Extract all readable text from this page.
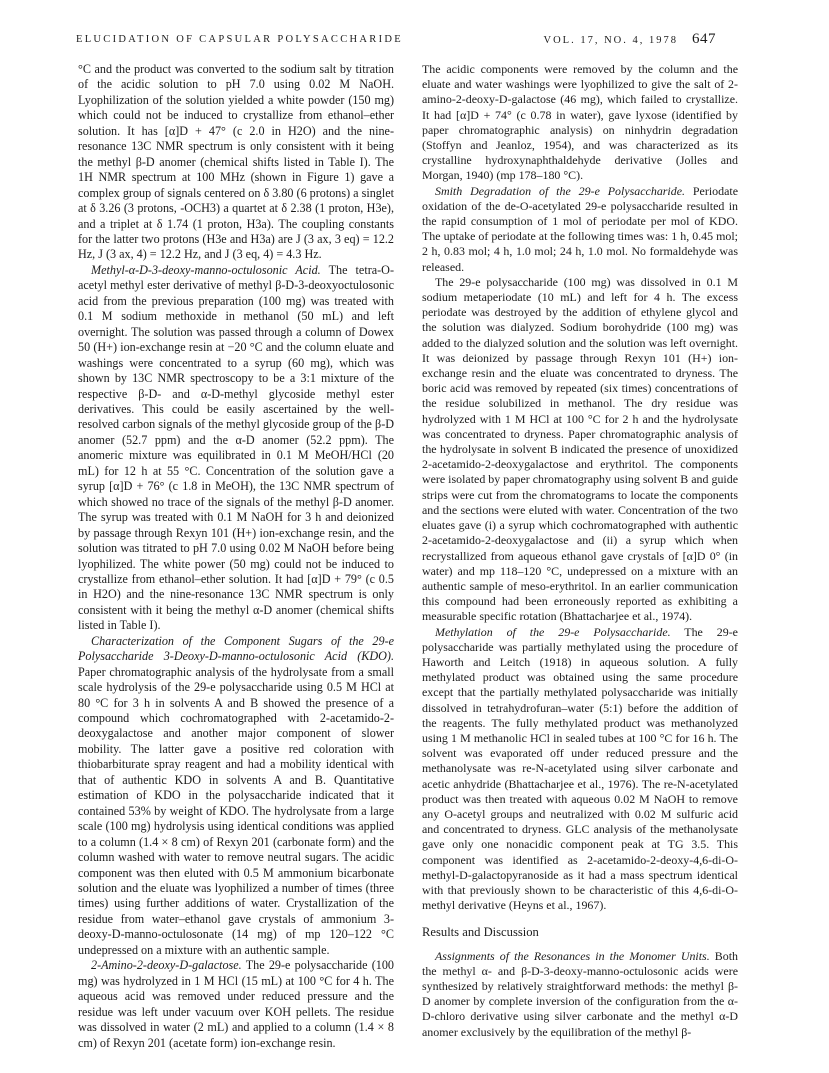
ELUCIDATION OF CAPSULAR POLYSACCHARIDE	VOL. 17, NO. 4, 1978 647

°C and the product was converted to the sodium salt by titration of the acidic solution to pH 7.0 using 0.02 M NaOH. Lyophilization of the solution yielded a white powder (150 mg) which could not be induced to crystallize from ethanol–ether solution. It has [α]D + 47° (c 2.0 in H2O) and the nine-resonance 13C NMR spectrum is only consistent with it being the methyl β-D anomer (chemical shifts listed in Table I). The 1H NMR spectrum at 100 MHz (shown in Figure 1) gave a complex group of signals centered on δ 3.80 (6 protons) a singlet at δ 3.26 (3 protons, -OCH3) a quartet at δ 2.38 (1 proton, H3e), and a triplet at δ 1.74 (1 proton, H3a). The coupling constants for the latter two protons (H3e and H3a) are J (3 ax, 3 eq) = 12.2 Hz, J (3 ax, 4) = 12.2 Hz, and J (3 eq, 4) = 4.3 Hz.

Methyl-α-D-3-deoxy-manno-octulosonic Acid. The tetra-O-acetyl methyl ester derivative of methyl β-D-3-deoxyoctulosonic acid from the previous preparation (100 mg) was treated with 0.1 M sodium methoxide in methanol (50 mL) and left overnight. The solution was passed through a column of Dowex 50 (H+) ion-exchange resin at −20 °C and the column eluate and washings were concentrated to a syrup (60 mg), which was shown by 13C NMR spectroscopy to be a 3:1 mixture of the respective β-D- and α-D-methyl glycoside methyl ester derivatives. This could be easily ascertained by the well-resolved carbon signals of the methyl glycoside group of the β-D anomer (52.7 ppm) and the α-D anomer (52.2 ppm). The anomeric mixture was equilibrated in 0.1 M MeOH/HCl (20 mL) for 12 h at 55 °C. Concentration of the solution gave a syrup [α]D + 76° (c 1.8 in MeOH), the 13C NMR spectrum of which showed no trace of the signals of the methyl β-D anomer. The syrup was treated with 0.1 M NaOH for 3 h and deionized by passage through Rexyn 101 (H+) ion-exchange resin, and the solution was titrated to pH 7.0 using 0.02 M NaOH before being lyophilized. The white power (50 mg) could not be induced to crystallize from ethanol–ether solution. It had [α]D + 79° (c 0.5 in H2O) and the nine-resonance 13C NMR spectrum is only consistent with it being the methyl α-D anomer (chemical shifts listed in Table I).

Characterization of the Component Sugars of the 29-e Polysaccharide 3-Deoxy-D-manno-octulosonic Acid (KDO). Paper chromatographic analysis of the hydrolysate from a small scale hydrolysis of the 29-e polysaccharide using 0.5 M HCl at 80 °C for 3 h in solvents A and B showed the presence of a compound which cochromatographed with 2-acetamido-2-deoxygalactose and another major component of slower mobility. The latter gave a positive red coloration with thiobarbiturate spray reagent and had a mobility identical with that of authentic KDO in solvents A and B. Quantitative estimation of KDO in the polysaccharide indicated that it contained 53% by weight of KDO. The hydrolysate from a large scale (100 mg) hydrolysis using identical conditions was applied to a column (1.4 × 8 cm) of Rexyn 201 (carbonate form) and the column washed with water to remove neutral sugars. The acidic component was then eluted with 0.5 M ammonium bicarbonate solution and the eluate was lyophilized a number of times (three times) using further additions of water. Crystallization of the residue from water–ethanol gave crystals of ammonium 3-deoxy-D-manno-octulosonate (14 mg) of mp 120–122 °C undepressed on a mixture with an authentic sample.

2-Amino-2-deoxy-D-galactose. The 29-e polysaccharide (100 mg) was hydrolyzed in 1 M HCl (15 mL) at 100 °C for 4 h. The aqueous acid was removed under reduced pressure and the residue was left under vacuum over KOH pellets. The residue was dissolved in water (2 mL) and applied to a column (1.4 × 8 cm) of Rexyn 201 (acetate form) ion-exchange resin.

The acidic components were removed by the column and the eluate and water washings were lyophilized to give the salt of 2-amino-2-deoxy-D-galactose (46 mg), which failed to crystallize. It had [α]D + 74° (c 0.78 in water), gave lyxose (identified by paper chromatographic analysis) on ninhydrin degradation (Stoffyn and Jeanloz, 1954), and was characterized as its crystalline hydroxynaphthaldehyde derivative (Jolles and Morgan, 1940) (mp 178–180 °C).

Smith Degradation of the 29-e Polysaccharide. Periodate oxidation of the de-O-acetylated 29-e polysaccharide resulted in the rapid consumption of 1 mol of periodate per mol of KDO. The uptake of periodate at the following times was: 1 h, 0.45 mol; 2 h, 0.83 mol; 4 h, 1.0 mol; 24 h, 1.0 mol. No formaldehyde was released.

The 29-e polysaccharide (100 mg) was dissolved in 0.1 M sodium metaperiodate (10 mL) and left for 4 h. The excess periodate was destroyed by the addition of ethylene glycol and the solution was dialyzed. Sodium borohydride (100 mg) was added to the dialyzed solution and the solution was left overnight. It was deionized by passage through Rexyn 101 (H+) ion-exchange resin and the eluate was concentrated to dryness. The boric acid was removed by repeated (six times) concentrations of the residue solubilized in methanol. The dry residue was hydrolyzed with 1 M HCl at 100 °C for 2 h and the hydrolysate was concentrated to dryness. Paper chromatographic analysis of the hydrolysate in solvent B indicated the presence of unoxidized 2-acetamido-2-deoxygalactose and erythritol. The components were isolated by paper chromatography using solvent B and guide strips were cut from the chromatograms to locate the components and the sections were eluted with water. Concentration of the two eluates gave (i) a syrup which cochromatographed with authentic 2-acetamido-2-deoxygalactose and (ii) a syrup which when recrystallized from aqueous ethanol gave crystals of [α]D 0° (in water) and mp 118–120 °C, undepressed on a mixture with an authentic sample of meso-erythritol. In an earlier communication this compound had been erroneously reported as exhibiting a measurable specific rotation (Bhattacharjee et al., 1974).

Methylation of the 29-e Polysaccharide. The 29-e polysaccharide was partially methylated using the procedure of Haworth and Leitch (1918) in aqueous solution. A fully methylated product was obtained using the same procedure except that the partially methylated polysaccharide was initially dissolved in tetrahydrofuran–water (5:1) before the addition of the reagents. The fully methylated product was methanolyzed using 1 M methanolic HCl in sealed tubes at 100 °C for 16 h. The solvent was evaporated off under reduced pressure and the methanolysate was re-N-acetylated using silver carbonate and acetic anhydride (Bhattacharjee et al., 1976). The re-N-acetylated product was then treated with aqueous 0.02 M NaOH to remove any O-acetyl groups and neutralized with 0.02 M sulfuric acid and concentrated to dryness. GLC analysis of the methanolysate gave only one nonacidic component peak at TG 3.5. This component was identified as 2-acetamido-2-deoxy-4,6-di-O-methyl-D-galactopyranoside as it had a mass spectrum identical with that previously shown to be characteristic of this 4,6-di-O-methyl derivative (Heyns et al., 1967).

Results and Discussion

Assignments of the Resonances in the Monomer Units. Both the methyl α- and β-D-3-deoxy-manno-octulosonic acids were synthesized by relatively straightforward methods: the methyl β-D anomer by complete inversion of the configuration from the α-D-chloro derivative using silver carbonate and the methyl α-D anomer exclusively by the equilibration of the methyl β-
